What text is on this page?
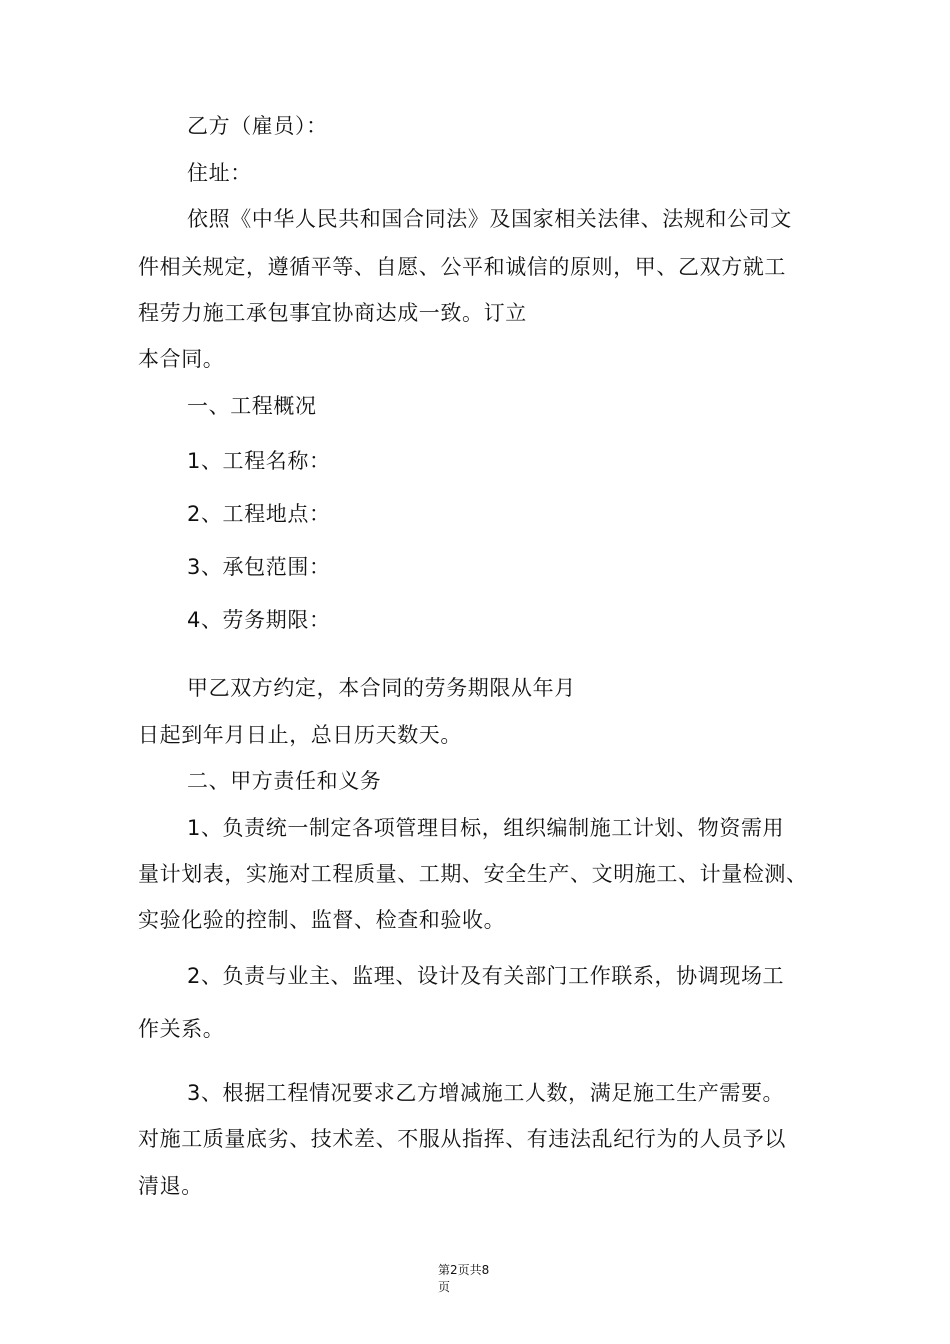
乙方（雇员）：
住址：
依照《中华人民共和国合同法》及国家相关法律、法规和公司文
件相关规定，遵循平等、自愿、公平和诚信的原则，甲、乙双方就工
程劳力施工承包事宜协商达成一致。订立
本合同。
一、工程概况
1、工程名称：
2、工程地点：
3、承包范围：
4、劳务期限：
甲乙双方约定，本合同的劳务期限从年月
日起到年月日止，总日历天数天。
二、甲方责任和义务
1、负责统一制定各项管理目标，组织编制施工计划、物资需用
量计划表，实施对工程质量、工期、安全生产、文明施工、计量检测、
实验化验的控制、监督、检查和验收。
2、负责与业主、监理、设计及有关部门工作联系，协调现场工
作关系。
3、根据工程情况要求乙方增减施工人数，满足施工生产需要。
对施工质量底劣、技术差、不服从指挥、有违法乱纪行为的人员予以
清退。
第2页共8
页
